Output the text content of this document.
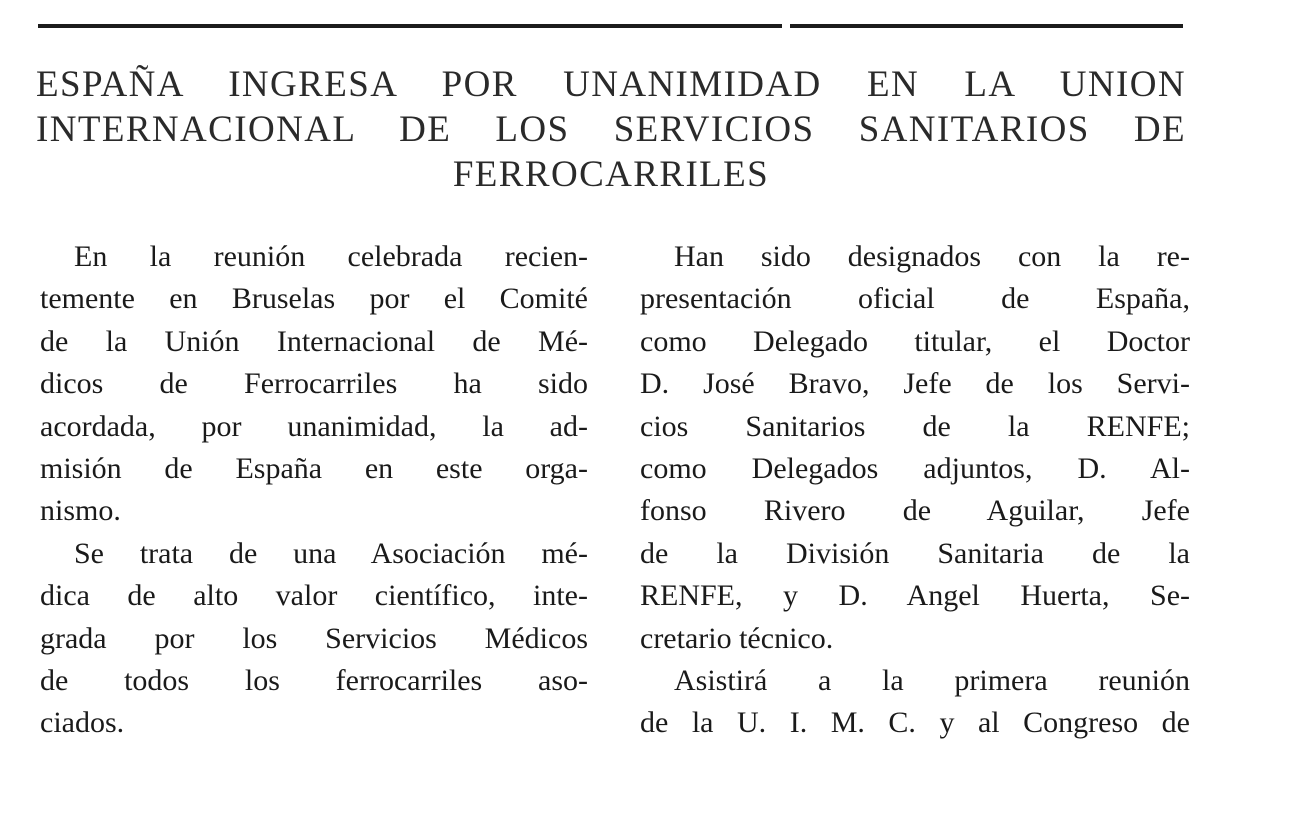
ESPAÑA INGRESA POR UNANIMIDAD EN LA UNION
INTERNACIONAL DE LOS SERVICIOS SANITARIOS DE
FERROCARRILES
En la reunión celebrada recien-
temente en Bruselas por el Comité
de la Unión Internacional de Mé-
dicos de Ferrocarriles ha sido
acordada, por unanimidad, la ad-
misión de España en este orga-
nismo.
Se trata de una Asociación mé-
dica de alto valor científico, inte-
grada por los Servicios Médicos
de todos los ferrocarriles aso-
ciados.
Han sido designados con la re-
presentación oficial de España,
como Delegado titular, el Doctor
D. José Bravo, Jefe de los Servi-
cios Sanitarios de la RENFE;
como Delegados adjuntos, D. Al-
fonso Rivero de Aguilar, Jefe
de la División Sanitaria de la
RENFE, y D. Angel Huerta, Se-
cretario técnico.
Asistirá a la primera reunión
de la U. I. M. C. y al Congreso de
